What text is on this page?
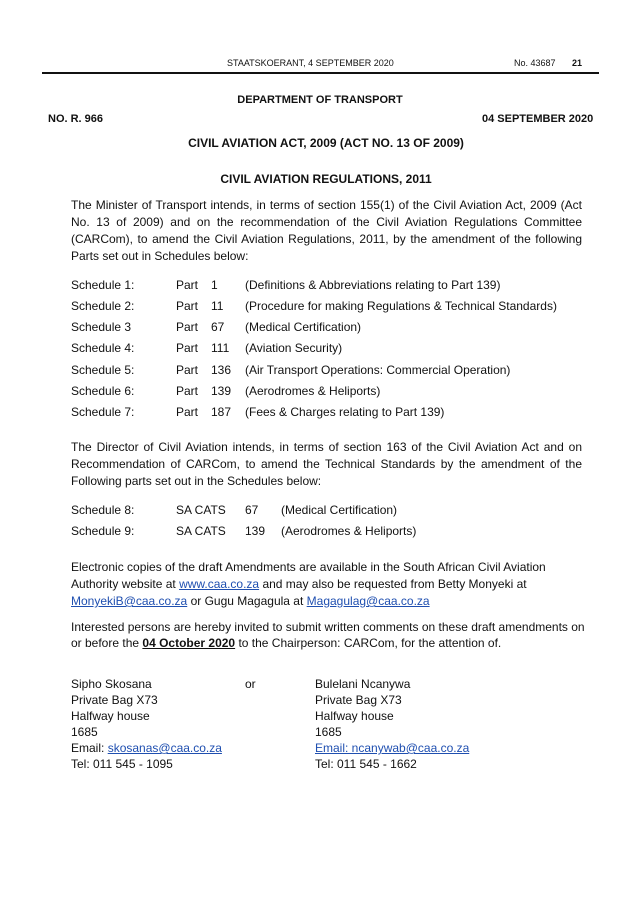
STAATSKOERANT, 4 SEPTEMBER 2020	No. 43687 21
DEPARTMENT OF TRANSPORT
NO. R. 966	04 SEPTEMBER 2020
CIVIL AVIATION ACT, 2009 (ACT NO. 13 OF 2009)
CIVIL AVIATION REGULATIONS, 2011
The Minister of Transport intends, in terms of section 155(1) of the Civil Aviation Act, 2009 (Act No. 13 of 2009) and on the recommendation of the Civil Aviation Regulations Committee (CARCom), to amend the Civil Aviation Regulations, 2011, by the amendment of the following Parts set out in Schedules below:
Schedule 1:	Part 1 (Definitions & Abbreviations relating to Part 139)
Schedule 2:	Part 11 (Procedure for making Regulations & Technical Standards)
Schedule 3	Part 67 (Medical Certification)
Schedule 4:	Part 111 (Aviation Security)
Schedule 5:	Part 136 (Air Transport Operations: Commercial Operation)
Schedule 6:	Part 139 (Aerodromes & Heliports)
Schedule 7:	Part 187 (Fees & Charges relating to Part 139)
The Director of Civil Aviation intends, in terms of section 163 of the Civil Aviation Act and on Recommendation of CARCom, to amend the Technical Standards by the amendment of the Following parts set out in the Schedules below:
Schedule 8:	SA CATS 67 (Medical Certification)
Schedule 9:	SA CATS 139 (Aerodromes & Heliports)
Electronic copies of the draft Amendments are available in the South African Civil Aviation
Authority website at www.caa.co.za and may also be requested from Betty Monyeki at
MonyekiB@caa.co.za or Gugu Magagula at Magagulag@caa.co.za
Interested persons are hereby invited to submit written comments on these draft amendments on
or before the 04 October 2020 to the Chairperson: CARCom, for the attention of.
Sipho Skosana
Private Bag X73
Halfway house
1685
Email: skosanas@caa.co.za
Tel: 011 545 - 1095
or	Bulelani Ncanywa
Private Bag X73
Halfway house
1685
Email: ncanywab@caa.co.za
Tel: 011 545 - 1662
